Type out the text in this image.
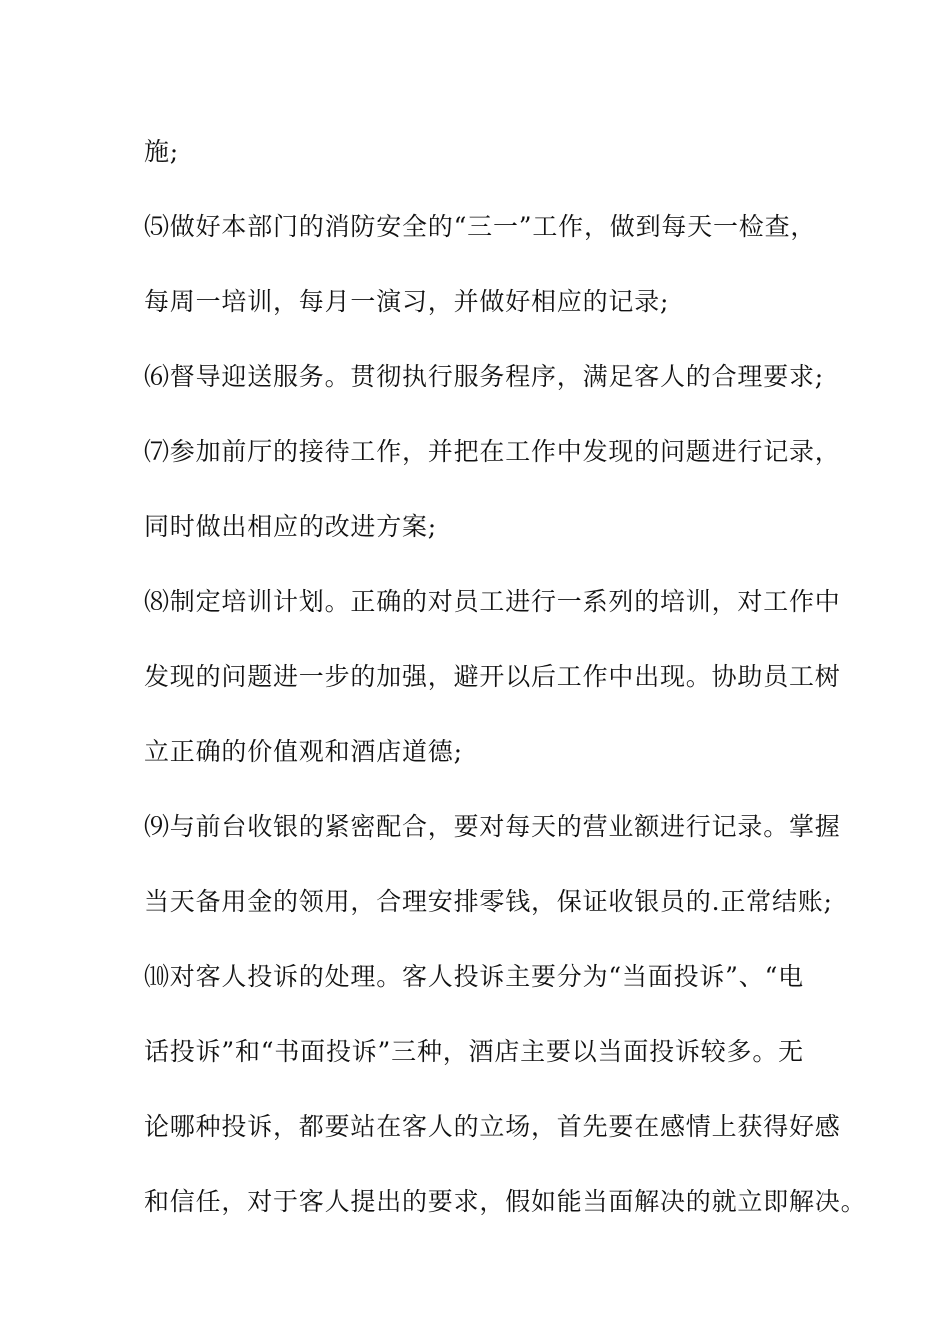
施;

⑸做好本部门的消防安全的“三一”工作，做到每天一检查，

每周一培训，每月一演习，并做好相应的记录;

⑹督导迎送服务。贯彻执行服务程序，满足客人的合理要求;

⑺参加前厅的接待工作，并把在工作中发现的问题进行记录，

同时做出相应的改进方案;

⑻制定培训计划。正确的对员工进行一系列的培训，对工作中

发现的问题进一步的加强，避开以后工作中出现。协助员工树

立正确的价值观和酒店道德;

⑼与前台收银的紧密配合，要对每天的营业额进行记录。掌握

当天备用金的领用，合理安排零钱，保证收银员的.正常结账;

⑽对客人投诉的处理。客人投诉主要分为“当面投诉”、“电

话投诉”和“书面投诉”三种，酒店主要以当面投诉较多。无

论哪种投诉，都要站在客人的立场，首先要在感情上获得好感

和信任，对于客人提出的要求，假如能当面解决的就立即解决。
